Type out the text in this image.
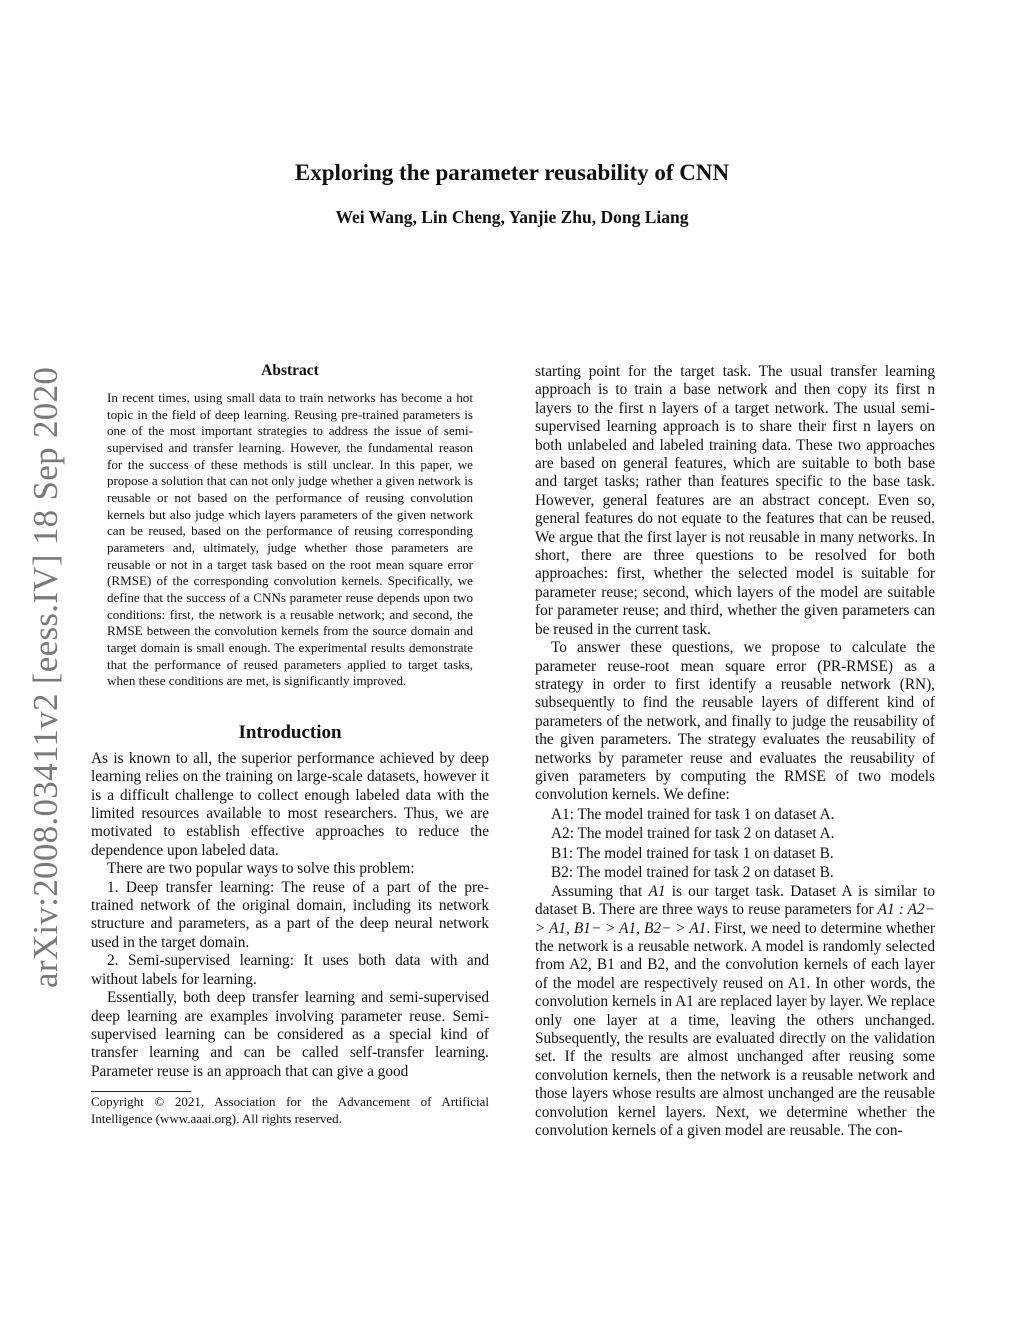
Exploring the parameter reusability of CNN
Wei Wang, Lin Cheng, Yanjie Zhu, Dong Liang
arXiv:2008.03411v2 [eess.IV] 18 Sep 2020	Abstract

In recent times, using small data to train networks has become a hot topic in the field of deep learning. Reusing pre-trained parameters is one of the most important strategies to address the issue of semi-supervised and transfer learning. However, the fundamental reason for the success of these methods is still unclear. In this paper, we propose a solution that can not only judge whether a given network is reusable or not based on the performance of reusing convolution kernels but also judge which layers parameters of the given network can be reused, based on the performance of reusing corresponding parameters and, ultimately, judge whether those parameters are reusable or not in a target task based on the root mean square error (RMSE) of the corresponding convolution kernels. Specifically, we define that the success of a CNNs parameter reuse depends upon two conditions: first, the network is a reusable network; and second, the RMSE between the convolution kernels from the source domain and target domain is small enough. The experimental results demonstrate that the performance of reused parameters applied to target tasks, when these conditions are met, is significantly improved.

Introduction

As is known to all, the superior performance achieved by deep learning relies on the training on large-scale datasets, however it is a difficult challenge to collect enough labeled data with the limited resources available to most researchers. Thus, we are motivated to establish effective approaches to reduce the dependence upon labeled data.

There are two popular ways to solve this problem:

1. Deep transfer learning: The reuse of a part of the pre-trained network of the original domain, including its network structure and parameters, as a part of the deep neural network used in the target domain.

2. Semi-supervised learning: It uses both data with and without labels for learning.

Essentially, both deep transfer learning and semi-supervised deep learning are examples involving parameter reuse. Semi-supervised learning can be considered as a special kind of transfer learning and can be called self-transfer learning. Parameter reuse is an approach that can give a good

Copyright © 2021, Association for the Advancement of Artificial Intelligence (www.aaai.org). All rights reserved.

starting point for the target task. The usual transfer learning approach is to train a base network and then copy its first n layers to the first n layers of a target network. The usual semi-supervised learning approach is to share their first n layers on both unlabeled and labeled training data. These two approaches are based on general features, which are suitable to both base and target tasks; rather than features specific to the base task. However, general features are an abstract concept. Even so, general features do not equate to the features that can be reused. We argue that the first layer is not reusable in many networks. In short, there are three questions to be resolved for both approaches: first, whether the selected model is suitable for parameter reuse; second, which layers of the model are suitable for parameter reuse; and third, whether the given parameters can be reused in the current task.

To answer these questions, we propose to calculate the parameter reuse-root mean square error (PR-RMSE) as a strategy in order to first identify a reusable network (RN), subsequently to find the reusable layers of different kind of parameters of the network, and finally to judge the reusability of the given parameters. The strategy evaluates the reusability of networks by parameter reuse and evaluates the reusability of given parameters by computing the RMSE of two models convolution kernels. We define:

A1: The model trained for task 1 on dataset A.
A2: The model trained for task 2 on dataset A.
B1: The model trained for task 1 on dataset B.
B2: The model trained for task 2 on dataset B.

Assuming that A1 is our target task. Dataset A is similar to dataset B. There are three ways to reuse parameters for A1 : A2− > A1, B1− > A1, B2− > A1. First, we need to determine whether the network is a reusable network. A model is randomly selected from A2, B1 and B2, and the convolution kernels of each layer of the model are respectively reused on A1. In other words, the convolution kernels in A1 are replaced layer by layer. We replace only one layer at a time, leaving the others unchanged. Subsequently, the results are evaluated directly on the validation set. If the results are almost unchanged after reusing some convolution kernels, then the network is a reusable network and those layers whose results are almost unchanged are the reusable convolution kernel layers. Next, we determine whether the convolution kernels of a given model are reusable. The con-
